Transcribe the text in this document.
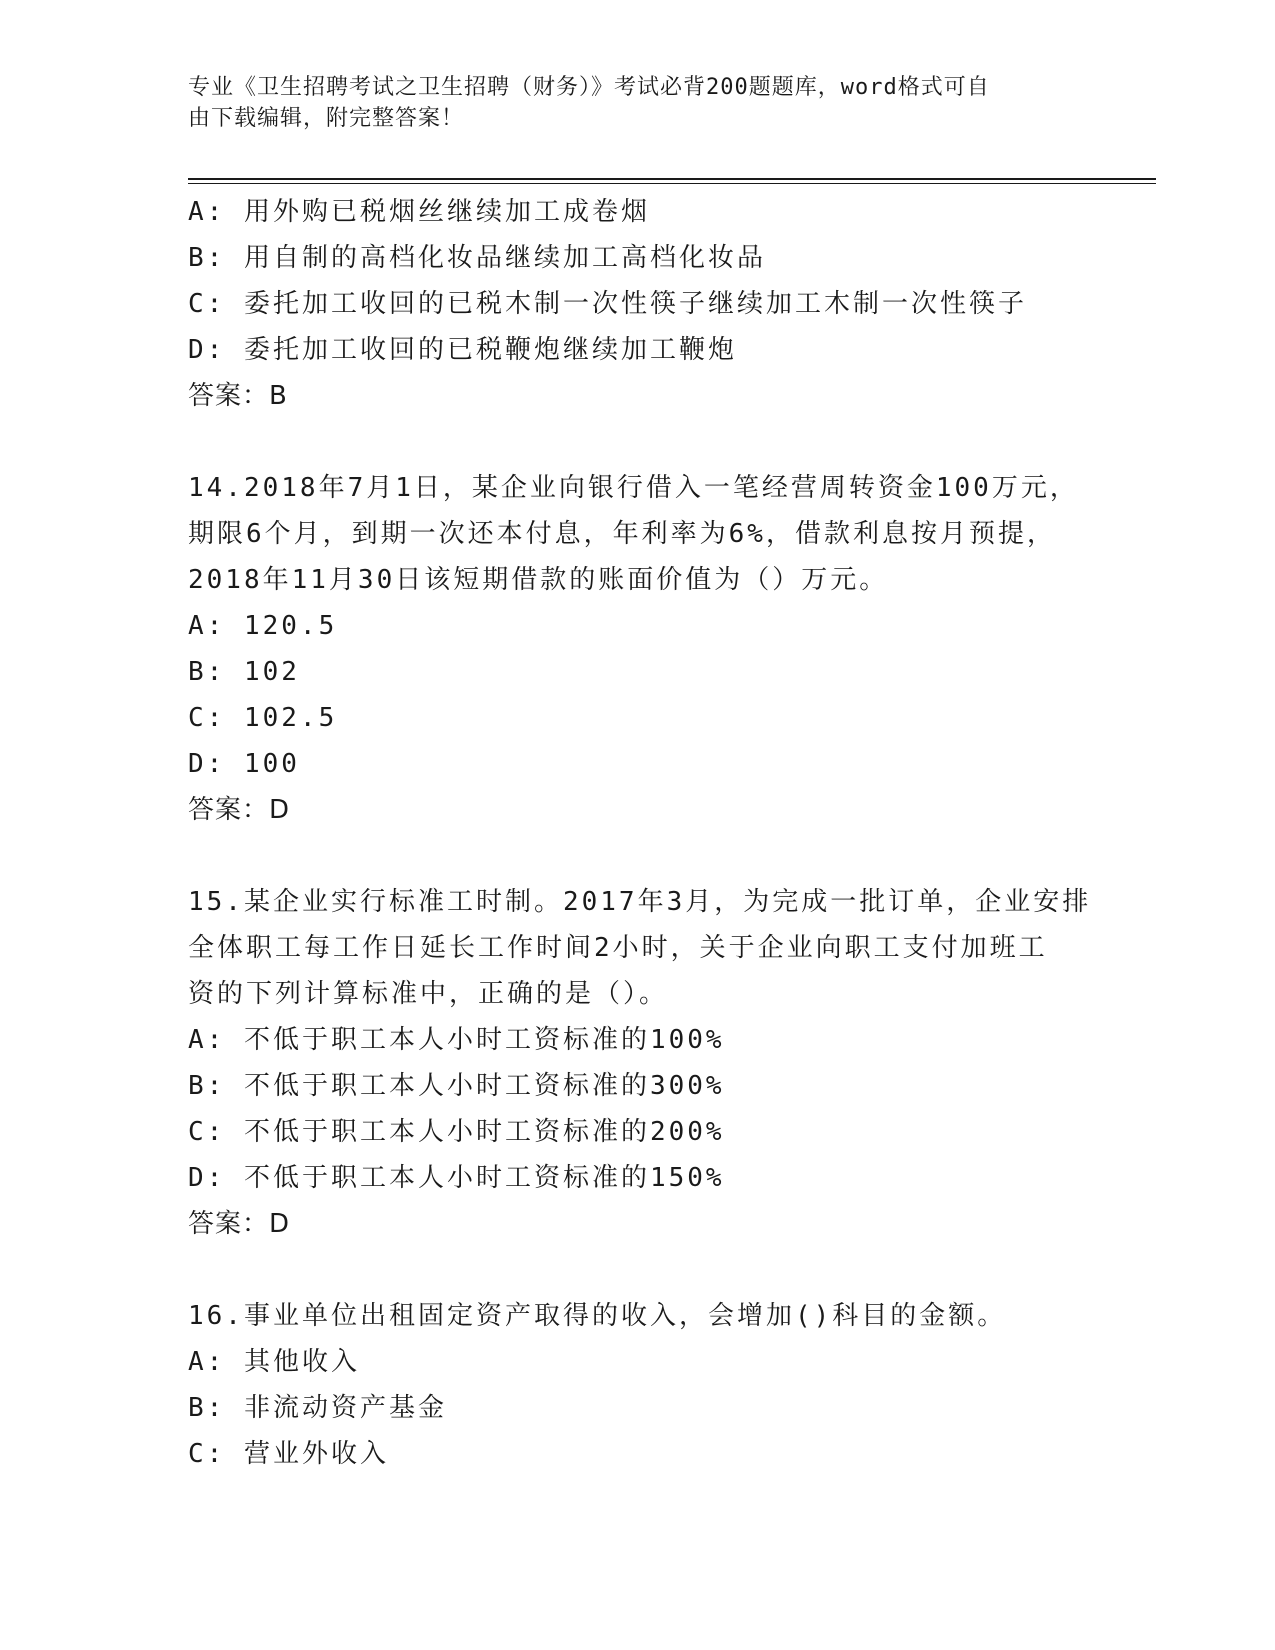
专业《卫生招聘考试之卫生招聘（财务）》考试必背200题题库，word格式可自
由下载编辑，附完整答案！
A: 用外购已税烟丝继续加工成卷烟
B: 用自制的高档化妆品继续加工高档化妆品
C: 委托加工收回的已税木制一次性筷子继续加工木制一次性筷子
D: 委托加工收回的已税鞭炮继续加工鞭炮
答案：B
14.2018年7月1日，某企业向银行借入一笔经营周转资金100万元，
期限6个月，到期一次还本付息，年利率为6%，借款利息按月预提，
2018年11月30日该短期借款的账面价值为（）万元。
A: 120.5
B: 102
C: 102.5
D: 100
答案：D
15.某企业实行标准工时制。2017年3月，为完成一批订单，企业安排
全体职工每工作日延长工作时间2小时，关于企业向职工支付加班工
资的下列计算标准中，正确的是（）。
A: 不低于职工本人小时工资标准的100%
B: 不低于职工本人小时工资标准的300%
C: 不低于职工本人小时工资标准的200%
D: 不低于职工本人小时工资标准的150%
答案：D
16.事业单位出租固定资产取得的收入，会增加()科目的金额。
A: 其他收入
B: 非流动资产基金
C: 营业外收入
